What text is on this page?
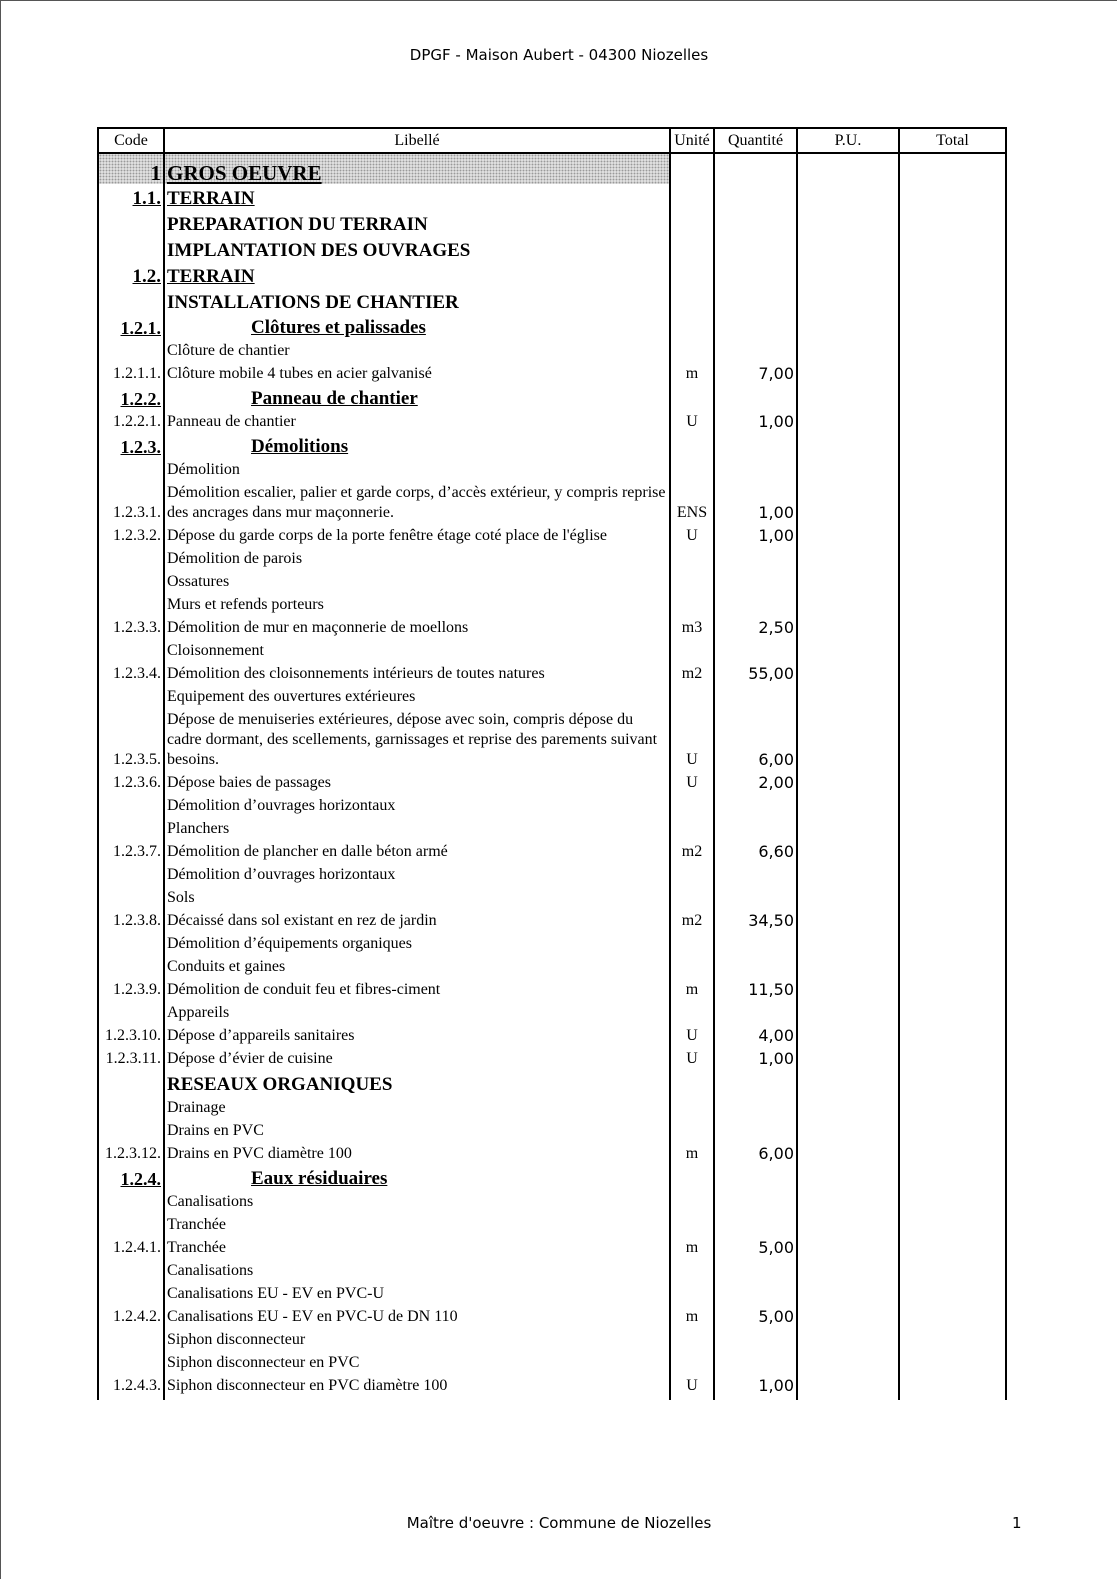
DPGF - Maison Aubert - 04300 Niozelles
Code	Libellé	Unité	Quantité	P.U.	Total
1	GROS OEUVRE				
1.1.	TERRAIN				
	PREPARATION DU TERRAIN				
	IMPLANTATION DES OUVRAGES				
1.2.	TERRAIN				
	INSTALLATIONS DE CHANTIER				
1.2.1.	Clôtures et palissades				
	Clôture de chantier				
1.2.1.1.	Clôture mobile 4 tubes en acier galvanisé	m	7,00		
1.2.2.	Panneau de chantier				
1.2.2.1.	Panneau de chantier	U	1,00		
1.2.3.	Démolitions				
	Démolition				
1.2.3.1.	Démolition escalier, palier et garde corps, d’accès extérieur, y compris reprise des ancrages dans mur maçonnerie.	ENS	1,00		
1.2.3.2.	Dépose du garde corps de la porte fenêtre étage coté place de l'église	U	1,00		
	Démolition de parois				
	Ossatures				
	Murs et refends porteurs				
1.2.3.3.	Démolition de mur en maçonnerie de moellons	m3	2,50		
	Cloisonnement				
1.2.3.4.	Démolition des cloisonnements intérieurs de toutes natures	m2	55,00		
	Equipement des ouvertures extérieures				
1.2.3.5.	Dépose de menuiseries extérieures, dépose avec soin, compris dépose du cadre dormant, des scellements, garnissages et reprise des parements suivant besoins.	U	6,00		
1.2.3.6.	Dépose baies de passages	U	2,00		
	Démolition d’ouvrages horizontaux				
	Planchers				
1.2.3.7.	Démolition de plancher en dalle béton armé	m2	6,60		
	Démolition d’ouvrages horizontaux				
	Sols				
1.2.3.8.	Décaissé dans sol existant en rez de jardin	m2	34,50		
	Démolition d’équipements organiques				
	Conduits et gaines				
1.2.3.9.	Démolition de conduit feu et fibres-ciment	m	11,50		
	Appareils				
1.2.3.10.	Dépose d’appareils sanitaires	U	4,00		
1.2.3.11.	Dépose d’évier de cuisine	U	1,00		
	RESEAUX ORGANIQUES				
	Drainage				
	Drains en PVC				
1.2.3.12.	Drains en PVC diamètre 100	m	6,00		
1.2.4.	Eaux résiduaires				
	Canalisations				
	Tranchée				
1.2.4.1.	Tranchée	m	5,00		
	Canalisations				
	Canalisations EU - EV en PVC-U				
1.2.4.2.	Canalisations EU - EV en PVC-U de DN 110	m	5,00		
	Siphon disconnecteur				
	Siphon disconnecteur en PVC				
1.2.4.3.	Siphon disconnecteur en PVC diamètre 100	U	1,00		
Maître d'oeuvre : Commune de Niozelles	1
